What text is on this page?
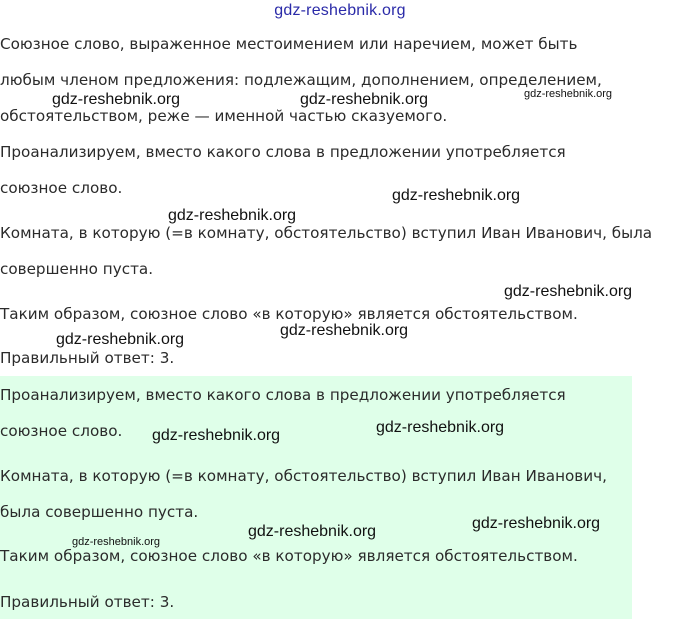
gdz-reshebnik.org
Союзное слово, выраженное местоимением или наречием, может быть
любым членом предложения: подлежащим, дополнением, определением,
обстоятельством, реже — именной частью сказуемого.
Проанализируем, вместо какого слова в предложении употребляется
союзное слово.
Комната, в которую (=в комнату, обстоятельство) вступил Иван Иванович, была
совершенно пуста.
Таким образом, союзное слово «в которую» является обстоятельством.
Правильный ответ: 3.
Проанализируем, вместо какого слова в предложении употребляется
союзное слово.
Комната, в которую (=в комнату, обстоятельство) вступил Иван Иванович,
была совершенно пуста.
Таким образом, союзное слово «в которую» является обстоятельством.
Правильный ответ: 3.
gdz-reshebnik.org	gdz-reshebnik.org	gdz-reshebnik.org
gdz-reshebnik.org
gdz-reshebnik.org
gdz-reshebnik.org
gdz-reshebnik.org
gdz-reshebnik.org
gdz-reshebnik.org	gdz-reshebnik.org
gdz-reshebnik.org
gdz-reshebnik.org
gdz-reshebnik.org
